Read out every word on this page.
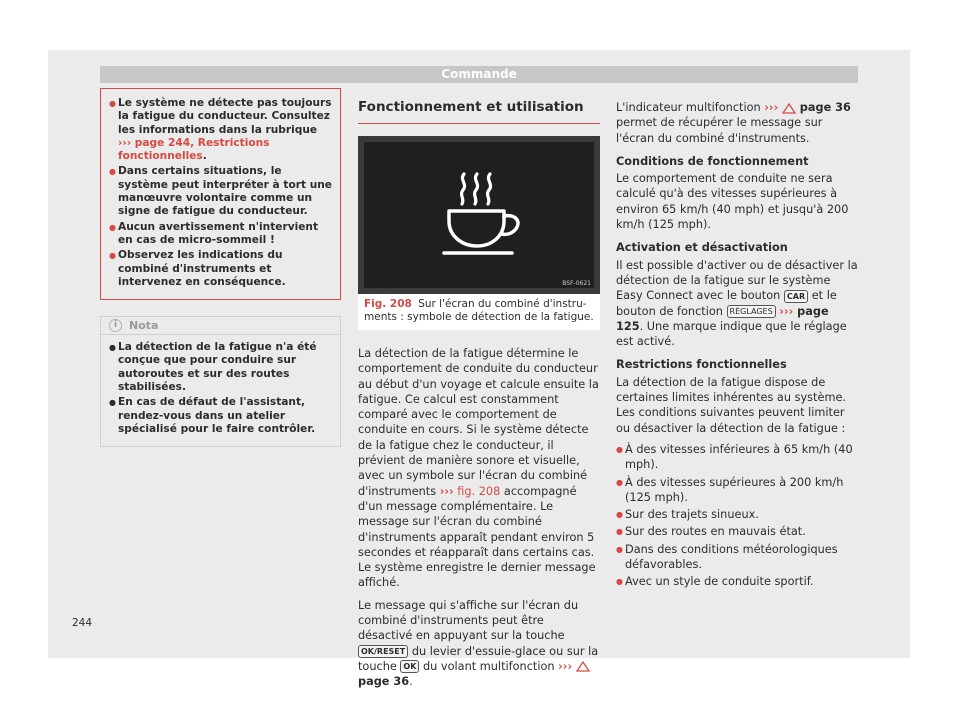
Commande
● Le système ne détecte pas toujours la fatigue du conducteur. Consultez les informations dans la rubrique ››› page 244, Restrictions fonctionnelles.
● Dans certains situations, le système peut interpréter à tort une manœuvre volontaire comme un signe de fatigue du conducteur.
● Aucun avertissement n'intervient en cas de micro-sommeil !
● Observez les indications du combiné d'instruments et intervenez en conséquence.
i	Nota
● La détection de la fatigue n'a été conçue que pour conduire sur autoroutes et sur des routes stabilisées.
● En cas de défaut de l'assistant, rendez-vous dans un atelier spécialisé pour le faire contrôler.
Fonctionnement et utilisation
BSF-0621
Fig. 208 Sur l'écran du combiné d'instruments : symbole de détection de la fatigue.
La détection de la fatigue détermine le comportement de conduite du conducteur au début d'un voyage et calcule ensuite la fatigue. Ce calcul est constamment comparé avec le comportement de conduite en cours. Si le système détecte de la fatigue chez le conducteur, il prévient de manière sonore et visuelle, avec un symbole sur l'écran du combiné d'instruments ››› fig. 208 accompagné d'un message complémentaire. Le message sur l'écran du combiné d'instruments apparaît pendant environ 5 secondes et réapparaît dans certains cas. Le système enregistre le dernier message affiché.
Le message qui s'affiche sur l'écran du combiné d'instruments peut être désactivé en appuyant sur la touche OK/RESET du levier d'essuie-glace ou sur la touche OK du volant multifonction ›››  page 36.
L'indicateur multifonction ›››  page 36 permet de récupérer le message sur l'écran du combiné d'instruments.
Conditions de fonctionnement
Le comportement de conduite ne sera calculé qu'à des vitesses supérieures à environ 65 km/h (40 mph) et jusqu'à 200 km/h (125 mph).
Activation et désactivation
Il est possible d'activer ou de désactiver la détection de la fatigue sur le système Easy Connect avec le bouton CAR et le bouton de fonction RÉGLAGES ››› page 125. Une marque indique que le réglage est activé.
Restrictions fonctionnelles
La détection de la fatigue dispose de certaines limites inhérentes au système. Les conditions suivantes peuvent limiter ou désactiver la détection de la fatigue :
● À des vitesses inférieures à 65 km/h (40 mph).
● À des vitesses supérieures à 200 km/h (125 mph).
● Sur des trajets sinueux.
● Sur des routes en mauvais état.
● Dans des conditions météorologiques défavorables.
● Avec un style de conduite sportif.
244
